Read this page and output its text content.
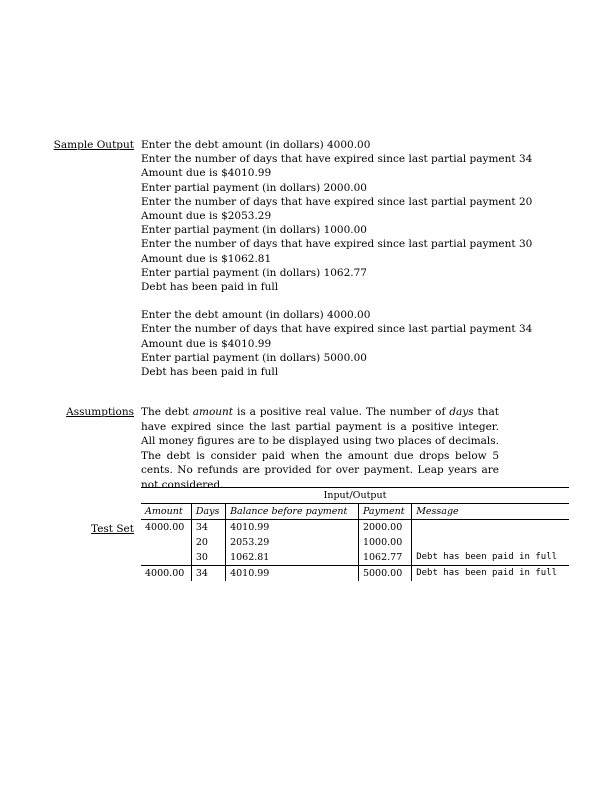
Sample Output Enter the debt amount (in dollars) 4000.00
Enter the number of days that have expired since last partial payment 34
Amount due is $4010.99
Enter partial payment (in dollars) 2000.00
Enter the number of days that have expired since last partial payment 20
Amount due is $2053.29
Enter partial payment (in dollars) 1000.00
Enter the number of days that have expired since last partial payment 30
Amount due is $1062.81
Enter partial payment (in dollars) 1062.77
Debt has been paid in full
Enter the debt amount (in dollars) 4000.00
Enter the number of days that have expired since last partial payment 34
Amount due is $4010.99
Enter partial payment (in dollars) 5000.00
Debt has been paid in full
Assumptions The debt amount is a positive real value. The number of days that have expired since the last partial payment is a positive integer. All money figures are to be displayed using two places of decimals. The debt is consider paid when the amount due drops below 5 cents. No refunds are provided for over payment. Leap years are not considered.
Test Set
Input/Output				
Amount	Days	Balance before payment	Payment	Message
4000.00	34	4010.99	2000.00	
	20	2053.29	1000.00	
	30	1062.81	1062.77	Debt has been paid in full
4000.00	34	4010.99	5000.00	Debt has been paid in full
